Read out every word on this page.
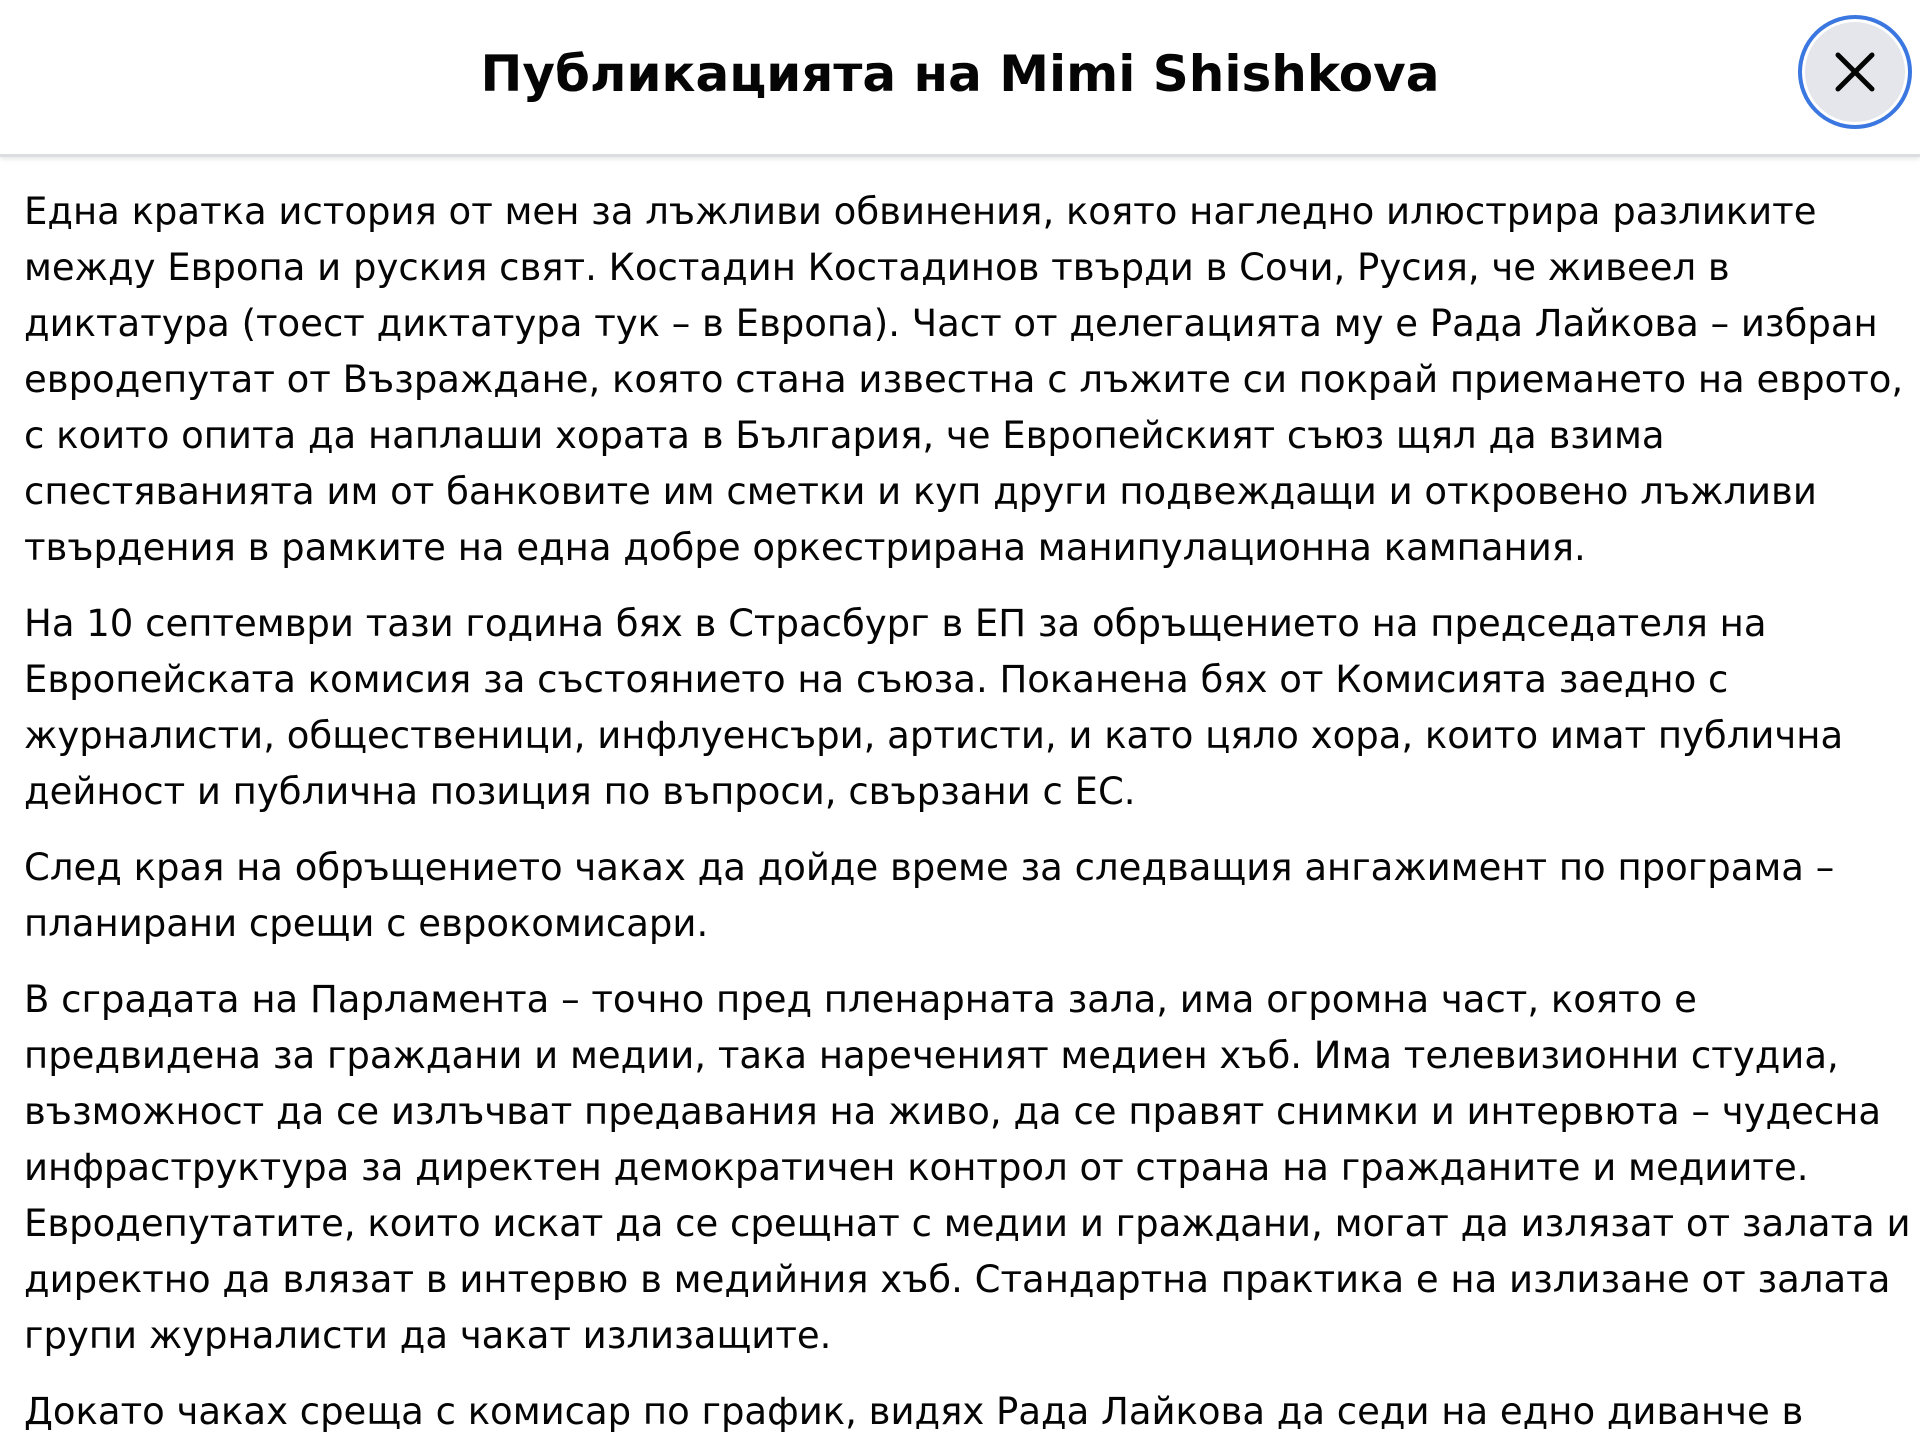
Публикацията на Mimi Shishkova

Една кратка история от мен за лъжливи обвинения, която нагледно илюстрира разликите между Европа и руския свят. Костадин Костадинов твърди в Сочи, Русия, че живеел в диктатура (тоест диктатура тук – в Европа). Част от делегацията му е Рада Лайкова – избран евродепутат от Възраждане, която стана известна с лъжите си покрай приемането на еврото, с които опита да наплаши хората в България, че Европейският съюз щял да взима спестяванията им от банковите им сметки и куп други подвеждащи и откровено лъжливи твърдения в рамките на една добре оркестрирана манипулационна кампания.

На 10 септември тази година бях в Страсбург в ЕП за обръщението на председателя на Европейската комисия за състоянието на съюза. Поканена бях от Комисията заедно с журналисти, общественици, инфлуенсъри, артисти, и като цяло хора, които имат публична дейност и публична позиция по въпроси, свързани с ЕС.

След края на обръщението чаках да дойде време за следващия ангажимент по програма – планирани срещи с еврокомисари.

В сградата на Парламента – точно пред пленарната зала, има огромна част, която е предвидена за граждани и медии, така нареченият медиен хъб. Има телевизионни студиа, възможност да се излъчват предавания на живо, да се правят снимки и интервюта – чудесна инфраструктура за директен демократичен контрол от страна на гражданите и медиите. Евродепутатите, които искат да се срещнат с медии и граждани, могат да излязат от залата и директно да влязат в интервю в медийния хъб. Стандартна практика е на излизане от залата групи журналисти да чакат излизащите.

Докато чаках среща с комисар по график, видях Рада Лайкова да седи на едно диванче в
